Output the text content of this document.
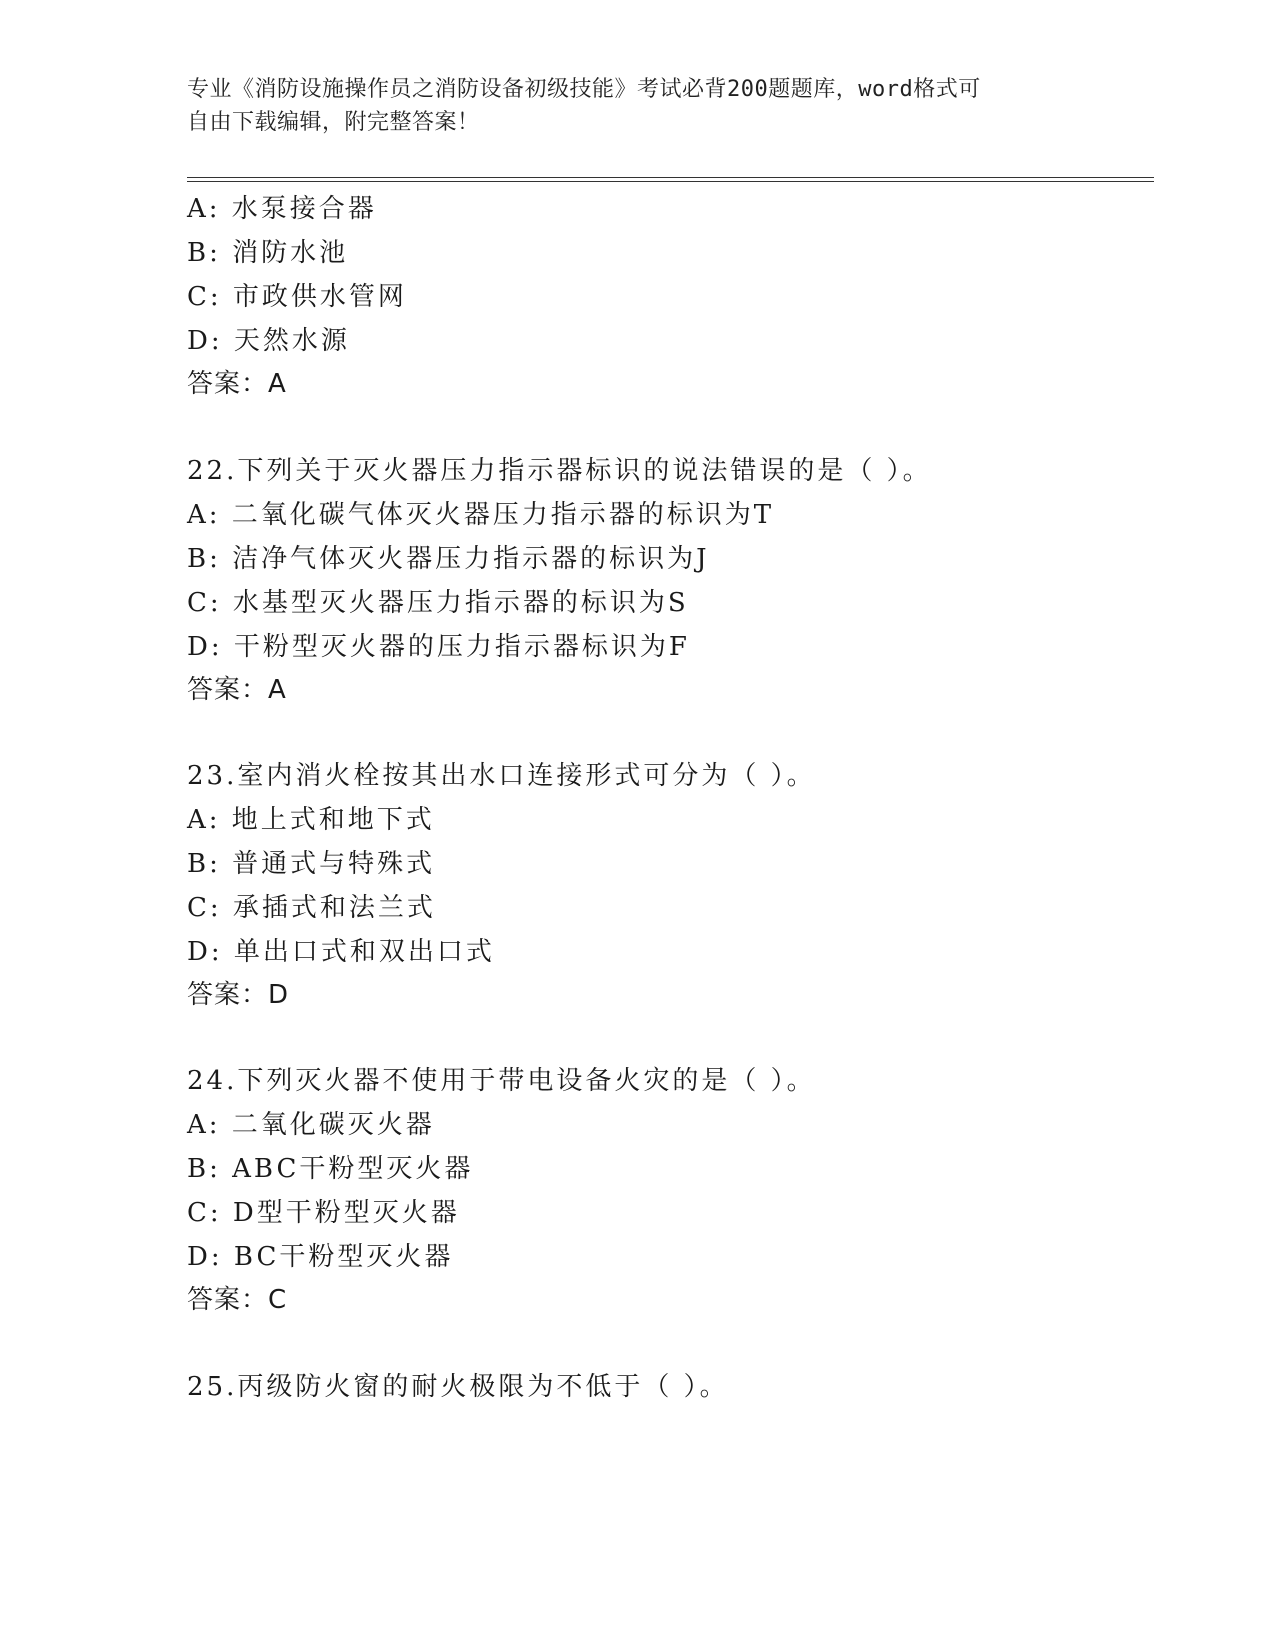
专业《消防设施操作员之消防设备初级技能》考试必背200题题库，word格式可
自由下载编辑，附完整答案！
A: 水泵接合器
B: 消防水池
C: 市政供水管网
D: 天然水源
答案：A
22.下列关于灭火器压力指示器标识的说法错误的是（ ）。
A: 二氧化碳气体灭火器压力指示器的标识为T
B: 洁净气体灭火器压力指示器的标识为J
C: 水基型灭火器压力指示器的标识为S
D: 干粉型灭火器的压力指示器标识为F
答案：A
23.室内消火栓按其出水口连接形式可分为（ ）。
A: 地上式和地下式
B: 普通式与特殊式
C: 承插式和法兰式
D: 单出口式和双出口式
答案：D
24.下列灭火器不使用于带电设备火灾的是（ ）。
A: 二氧化碳灭火器
B: ABC干粉型灭火器
C: D型干粉型灭火器
D: BC干粉型灭火器
答案：C
25.丙级防火窗的耐火极限为不低于（ ）。
